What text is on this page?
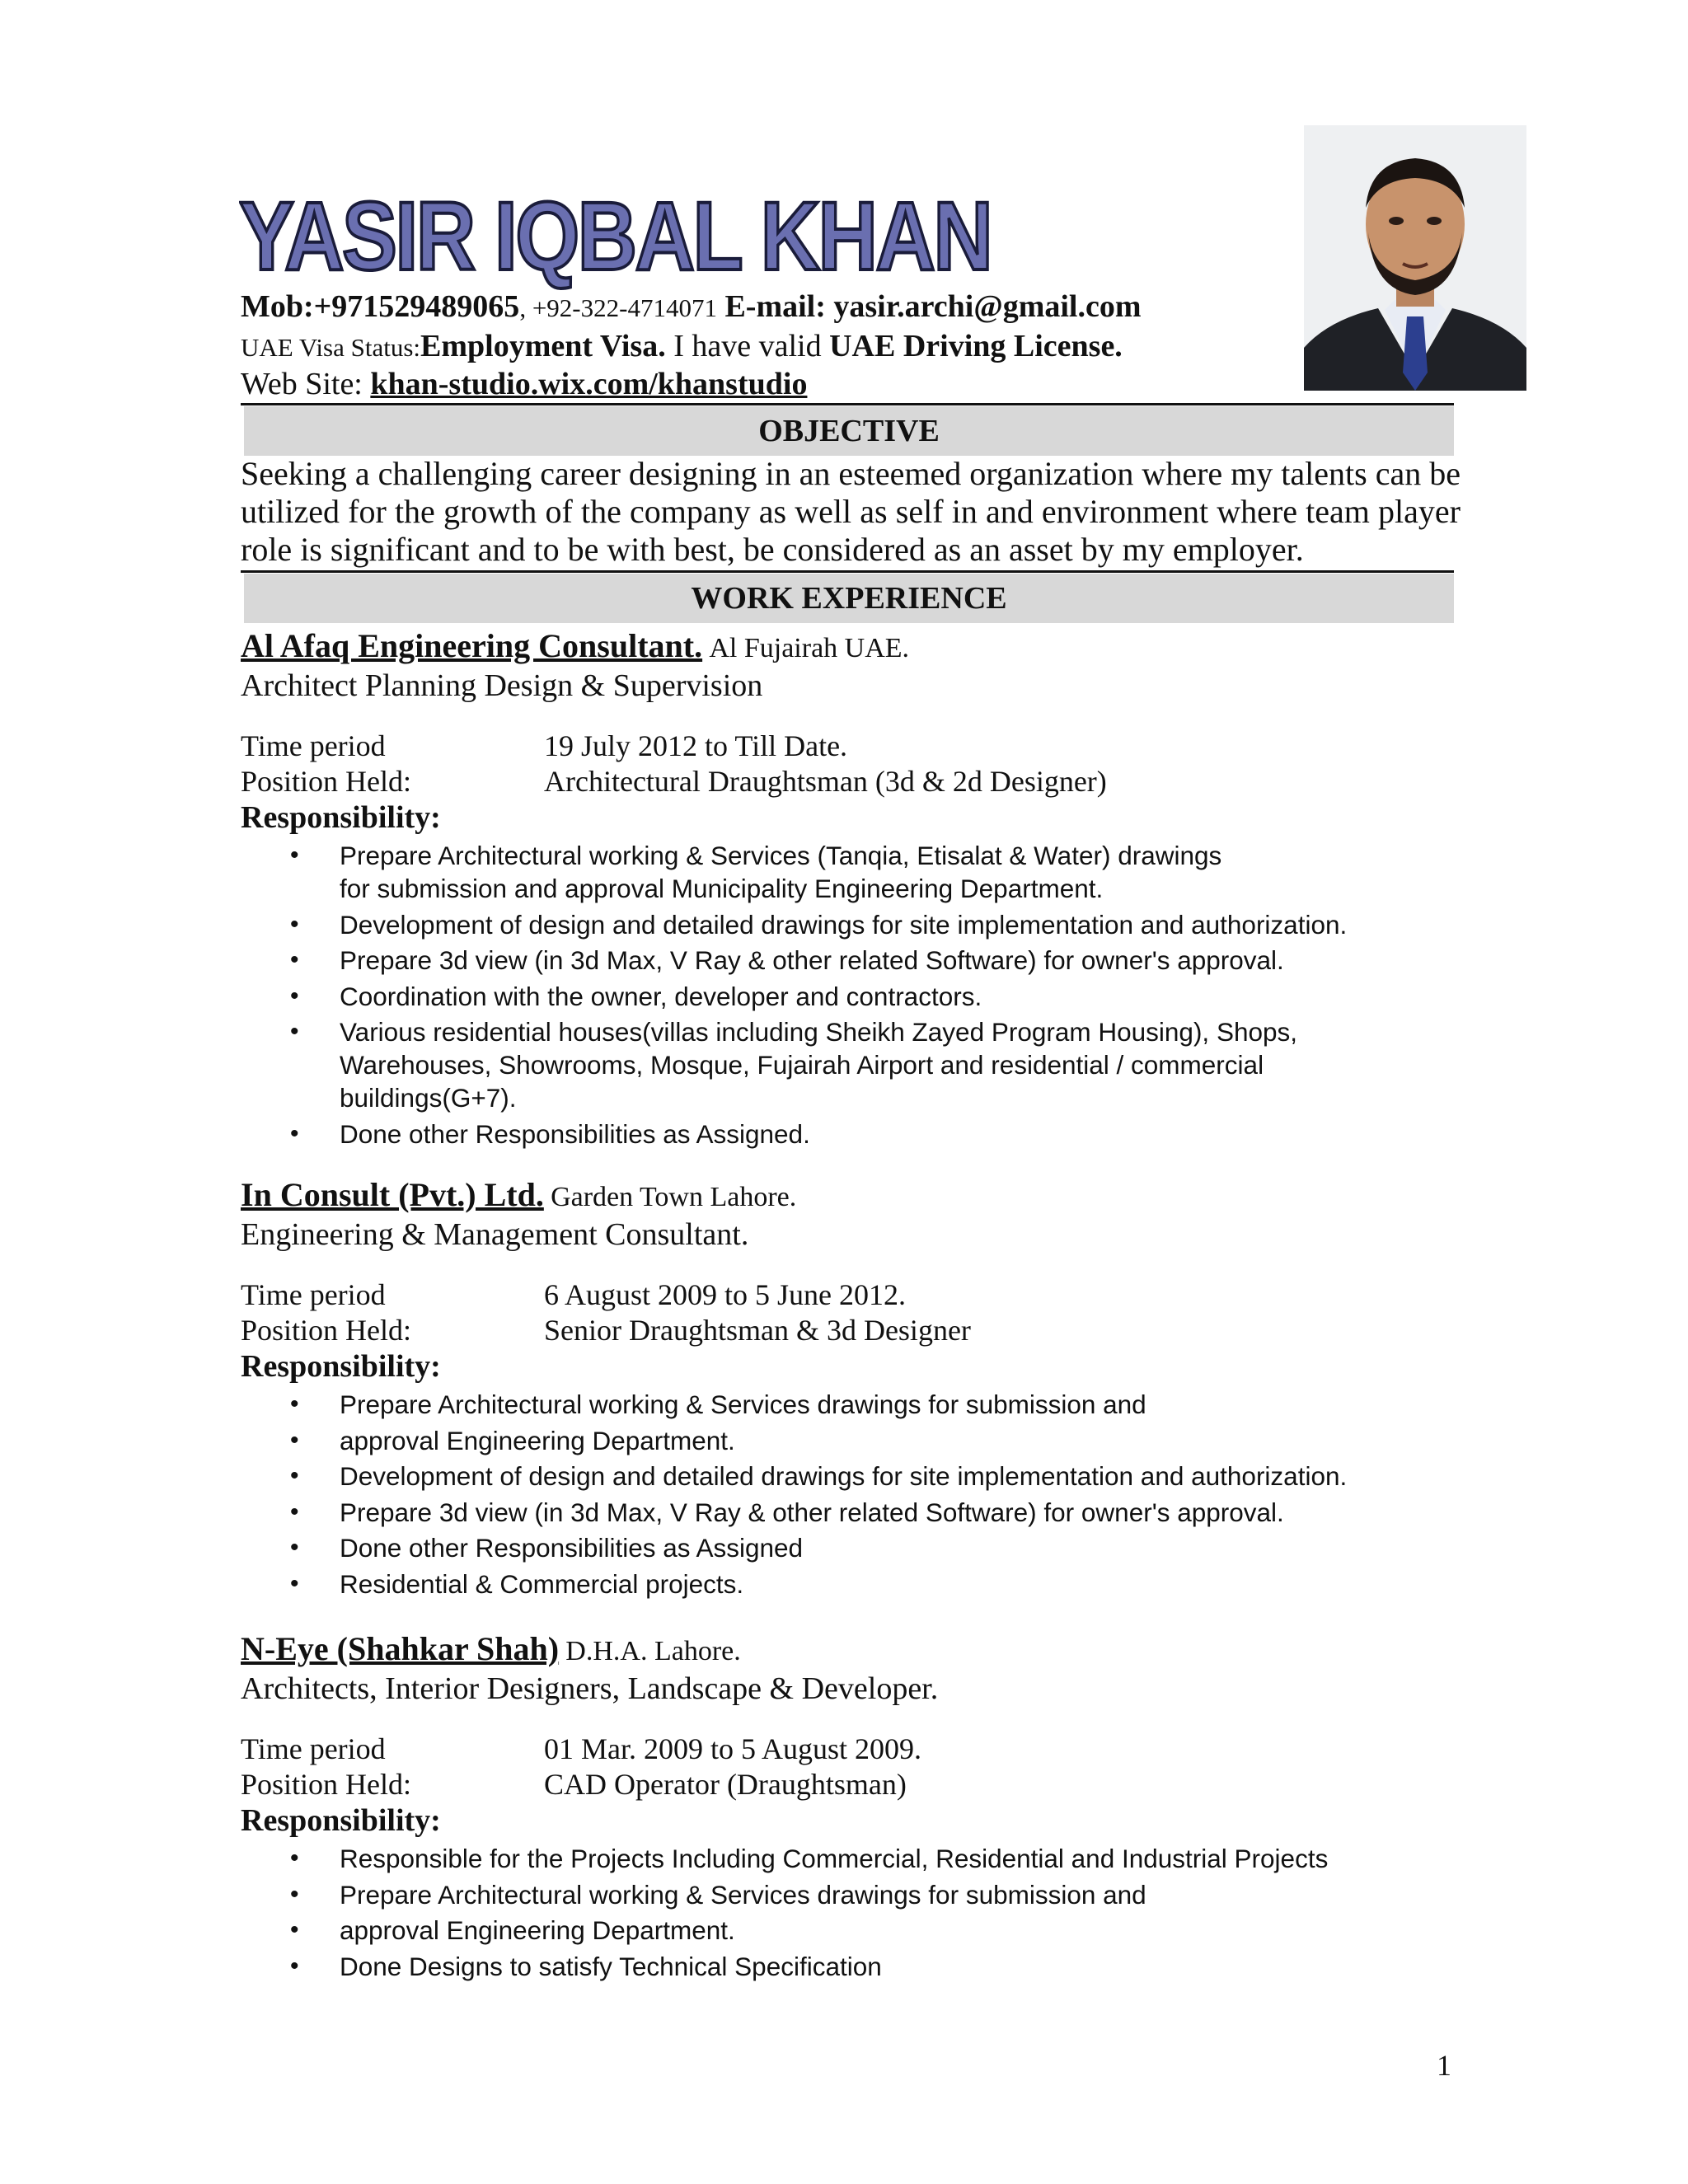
YASIR IQBAL KHAN
Mob:+971529489065, +92-322-4714071 E-mail: yasir.archi@gmail.com
UAE Visa Status:Employment Visa. I have valid UAE Driving License.
Web Site: khan-studio.wix.com/khanstudio
OBJECTIVE
Seeking a challenging career designing in an esteemed organization where my talents can be utilized for the growth of the company as well as self in and environment where team player role is significant and to be with best, be considered as an asset by my employer.
WORK EXPERIENCE
Al Afaq Engineering Consultant. Al Fujairah UAE.
Architect Planning Design & Supervision
Time period	19 July 2012 to Till Date.
Position Held:	Architectural Draughtsman (3d & 2d Designer)
Responsibility:
• Prepare Architectural working & Services (Tanqia, Etisalat & Water) drawings for submission and approval Municipality Engineering Department.
• Development of design and detailed drawings for site implementation and authorization.
• Prepare 3d view (in 3d Max, V Ray & other related Software) for owner's approval.
• Coordination with the owner, developer and contractors.
• Various residential houses(villas including Sheikh Zayed Program Housing), Shops, Warehouses, Showrooms, Mosque, Fujairah Airport and residential / commercial buildings(G+7).
• Done other Responsibilities as Assigned.
In Consult (Pvt.) Ltd. Garden Town Lahore.
Engineering & Management Consultant.
Time period	6 August 2009 to 5 June 2012.
Position Held:	Senior Draughtsman & 3d Designer
Responsibility:
• Prepare Architectural working & Services drawings for submission and
• approval Engineering Department.
• Development of design and detailed drawings for site implementation and authorization.
• Prepare 3d view (in 3d Max, V Ray & other related Software) for owner's approval.
• Done other Responsibilities as Assigned
• Residential & Commercial projects.
N-Eye (Shahkar Shah) D.H.A. Lahore.
Architects, Interior Designers, Landscape & Developer.
Time period	01 Mar. 2009 to 5 August 2009.
Position Held:	CAD Operator (Draughtsman)
Responsibility:
• Responsible for the Projects Including Commercial, Residential and Industrial Projects
• Prepare Architectural working & Services drawings for submission and
• approval Engineering Department.
• Done Designs to satisfy Technical Specification
1
